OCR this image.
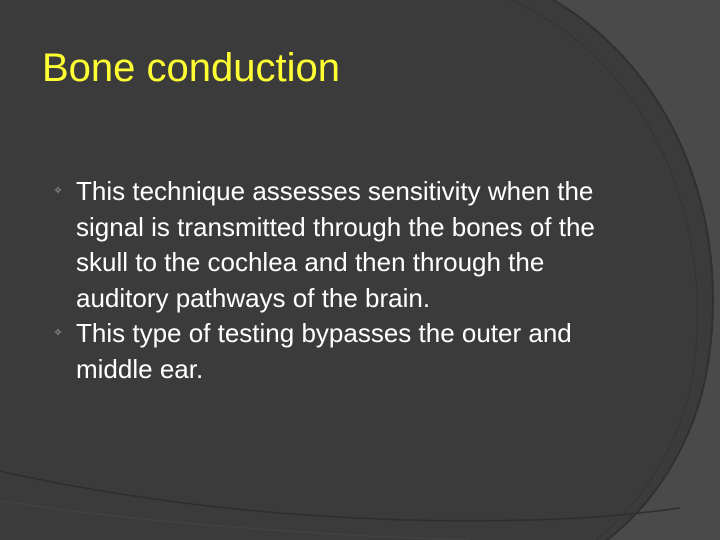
Bone conduction
✧ This technique assesses sensitivity when the signal is transmitted through the bones of the skull to the cochlea and then through the auditory pathways of the brain.
✧ This type of testing bypasses the outer and middle ear.
